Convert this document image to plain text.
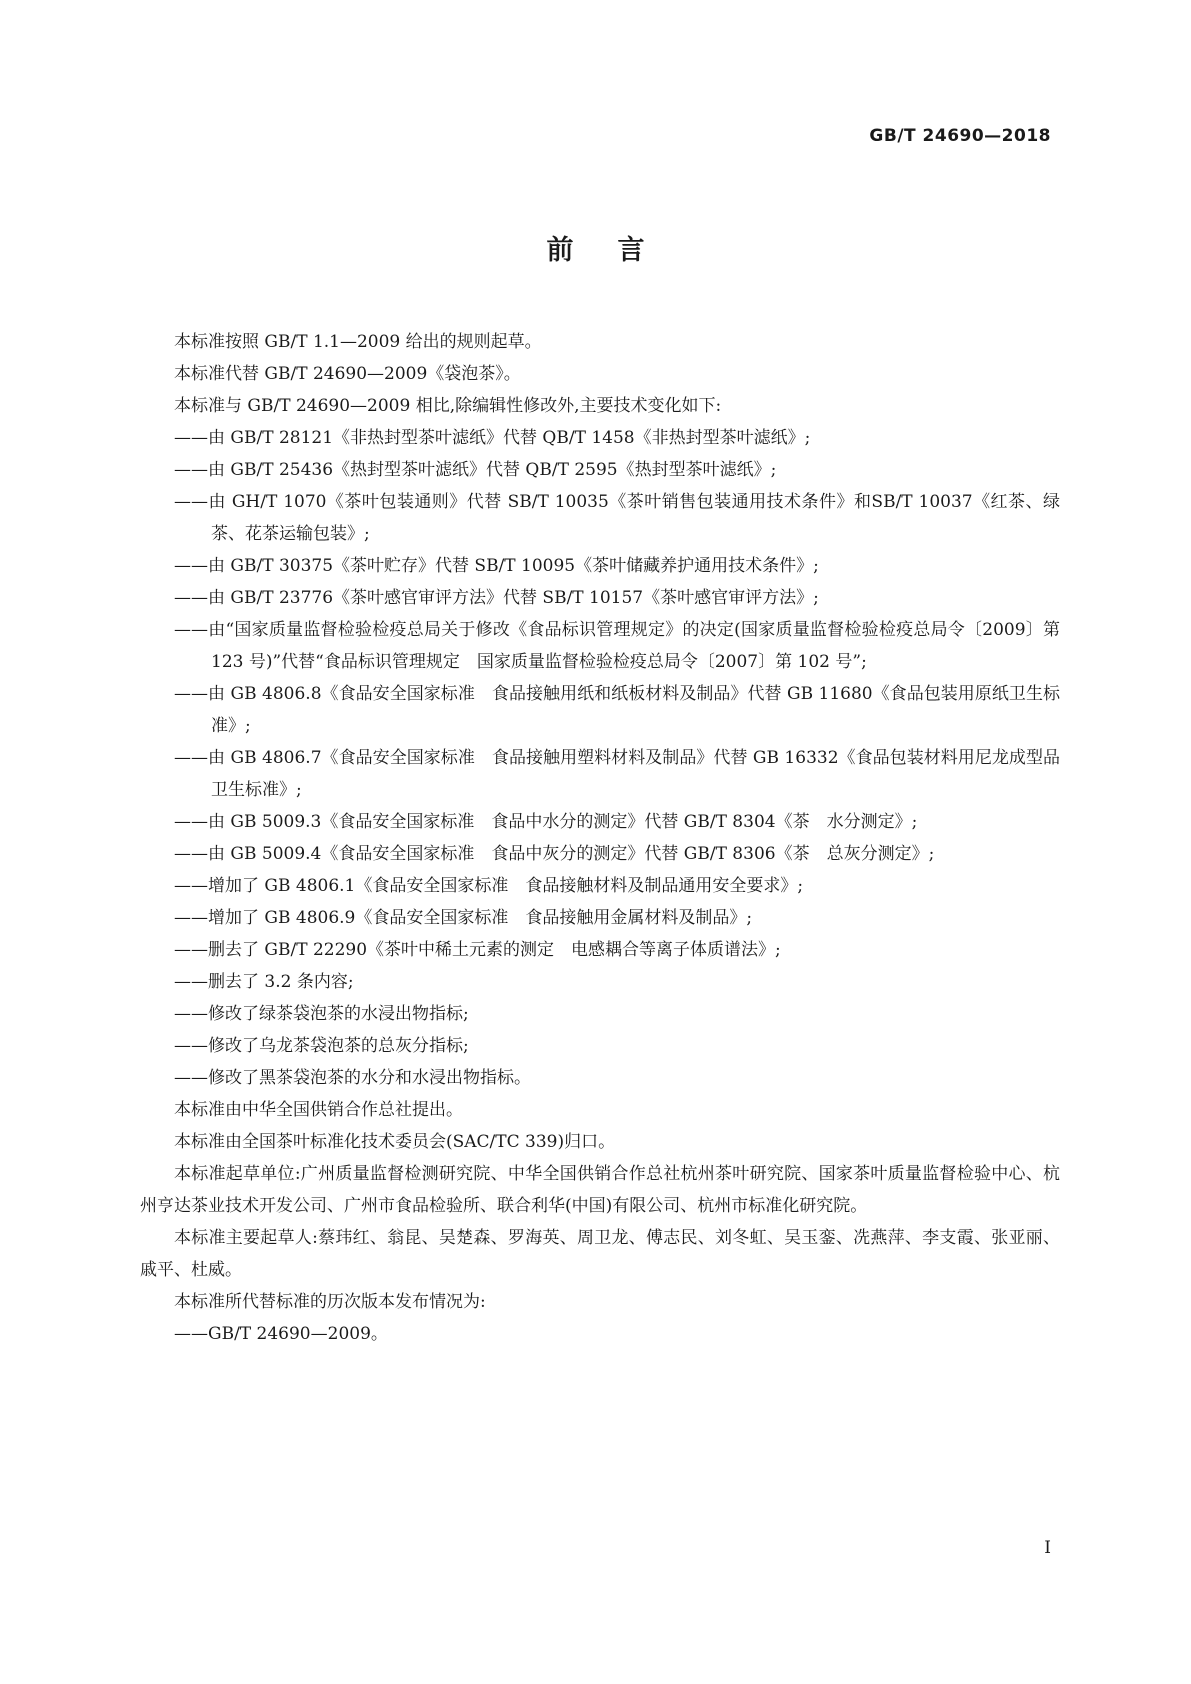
GB/T 24690—2018
前言

本标准按照 GB/T 1.1—2009 给出的规则起草。

本标准代替 GB/T 24690—2009《袋泡茶》。

本标准与 GB/T 24690—2009 相比,除编辑性修改外,主要技术变化如下:

——由 GB/T 28121《非热封型茶叶滤纸》代替 QB/T 1458《非热封型茶叶滤纸》;

——由 GB/T 25436《热封型茶叶滤纸》代替 QB/T 2595《热封型茶叶滤纸》;

——由 GH/T 1070《茶叶包装通则》代替 SB/T 10035《茶叶销售包装通用技术条件》和SB/T 10037《红茶、绿茶、花茶运输包装》;

——由 GB/T 30375《茶叶贮存》代替 SB/T 10095《茶叶储藏养护通用技术条件》;

——由 GB/T 23776《茶叶感官审评方法》代替 SB/T 10157《茶叶感官审评方法》;

——由“国家质量监督检验检疫总局关于修改《食品标识管理规定》的决定(国家质量监督检验检疫总局令〔2009〕第 123 号)”代替“食品标识管理规定　国家质量监督检验检疫总局令〔2007〕第 102 号”;

——由 GB 4806.8《食品安全国家标准　食品接触用纸和纸板材料及制品》代替 GB 11680《食品包装用原纸卫生标准》;

——由 GB 4806.7《食品安全国家标准　食品接触用塑料材料及制品》代替 GB 16332《食品包装材料用尼龙成型品卫生标准》;

——由 GB 5009.3《食品安全国家标准　食品中水分的测定》代替 GB/T 8304《茶　水分测定》;

——由 GB 5009.4《食品安全国家标准　食品中灰分的测定》代替 GB/T 8306《茶　总灰分测定》;

——增加了 GB 4806.1《食品安全国家标准　食品接触材料及制品通用安全要求》;

——增加了 GB 4806.9《食品安全国家标准　食品接触用金属材料及制品》;

——删去了 GB/T 22290《茶叶中稀土元素的测定　电感耦合等离子体质谱法》;

——删去了 3.2 条内容;

——修改了绿茶袋泡茶的水浸出物指标;

——修改了乌龙茶袋泡茶的总灰分指标;

——修改了黑茶袋泡茶的水分和水浸出物指标。

本标准由中华全国供销合作总社提出。

本标准由全国茶叶标准化技术委员会(SAC/TC 339)归口。

本标准起草单位:广州质量监督检测研究院、中华全国供销合作总社杭州茶叶研究院、国家茶叶质量监督检验中心、杭州亨达茶业技术开发公司、广州市食品检验所、联合利华(中国)有限公司、杭州市标准化研究院。

本标准主要起草人:蔡玮红、翁昆、吴楚森、罗海英、周卫龙、傅志民、刘冬虹、吴玉銮、冼燕萍、李支霞、张亚丽、戚平、杜威。

本标准所代替标准的历次版本发布情况为:

——GB/T 24690—2009。

I
